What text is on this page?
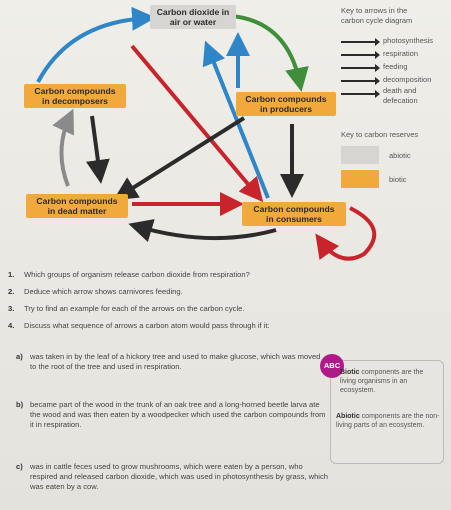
Carbon dioxide in
air or water
Carbon compounds
in decomposers	Carbon compounds
in producers
Carbon compounds
in dead matter	Carbon compounds
in consumers
Key to arrows in the
carbon cycle diagram
photosynthesis
respiration
feeding
decomposition
death and
defecation
Key to carbon reserves
abiotic
biotic
1. Which groups of organism release carbon dioxide from respiration?
2. Deduce which arrow shows carnivores feeding.
3. Try to find an example for each of the arrows on the carbon cycle.
4. Discuss what sequence of arrows a carbon atom would pass through if it:
a) was taken in by the leaf of a hickory tree and used to make glucose, which was moved to the root of the tree and used in respiration.
b) became part of the wood in the trunk of an oak tree and a long-horned beetle larva ate the wood and was then eaten by a woodpecker which used the carbon compounds from it in respiration.
c) was in cattle feces used to grow mushrooms, which were eaten by a person, who respired and released carbon dioxide, which was used in photosynthesis by grass, which was eaten by a cow.
ABC
Biotic components are the living organisms in an ecosystem.
Abiotic components are the non-living parts of an ecosystem.
